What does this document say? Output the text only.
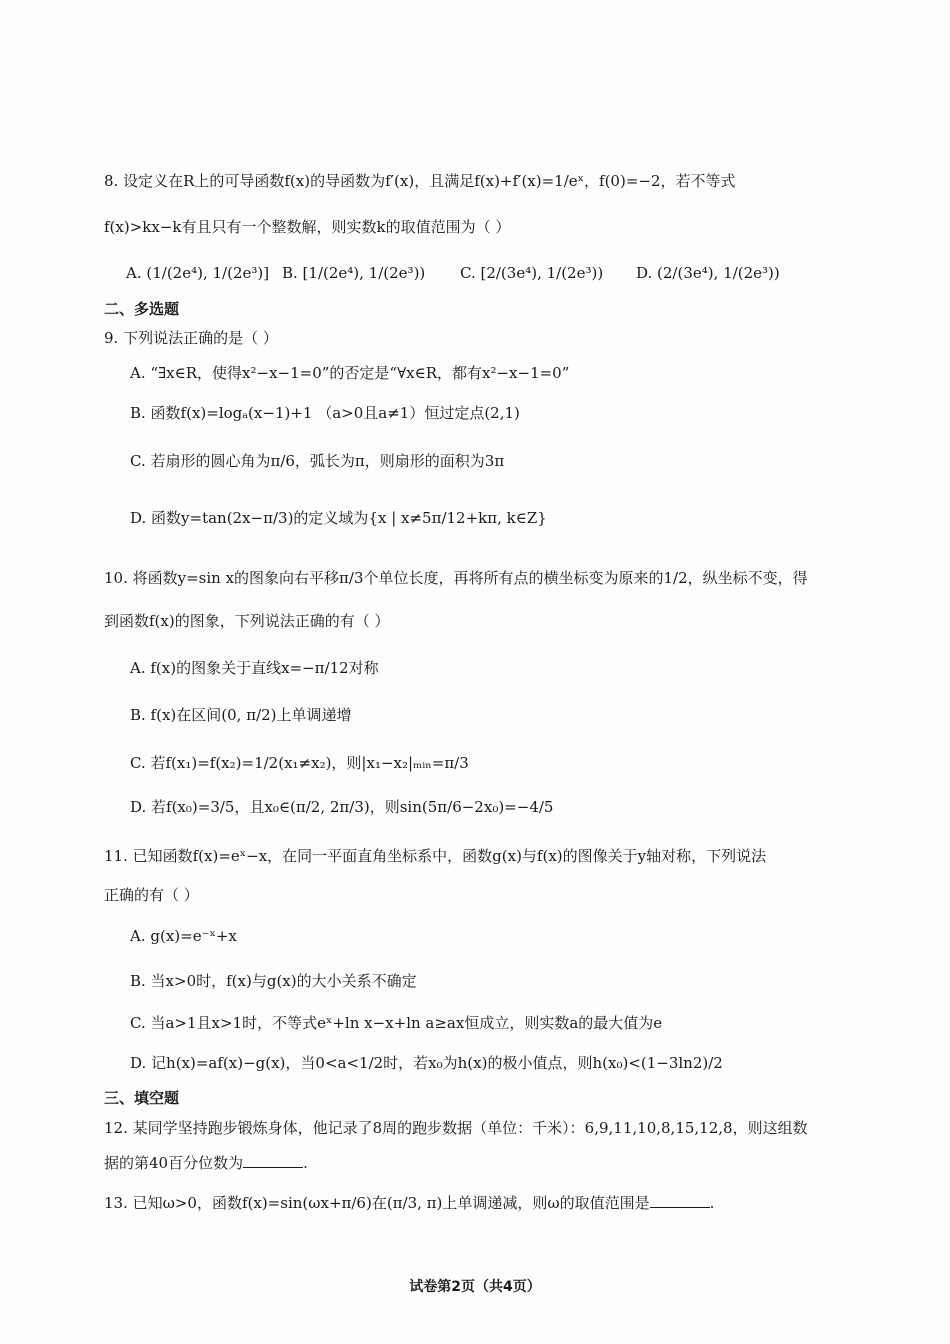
8. 设定义在R上的可导函数f(x)的导函数为f′(x)，且满足f(x)+f′(x)=1/eˣ，f(0)=−2，若不等式
f(x)>kx−k有且只有一个整数解，则实数k的取值范围为（ ）
A. (1/(2e⁴), 1/(2e³)] B. [1/(2e⁴), 1/(2e³)) C. [2/(3e⁴), 1/(2e³)) D. (2/(3e⁴), 1/(2e³))
二、多选题
9. 下列说法正确的是（ ）
A. “∃x∈R，使得x²−x−1=0”的否定是“∀x∈R，都有x²−x−1=0”
B. 函数f(x)=logₐ(x−1)+1 （a>0且a≠1）恒过定点(2,1)
C. 若扇形的圆心角为π/6，弧长为π，则扇形的面积为3π
D. 函数y=tan(2x−π/3)的定义域为{x | x≠5π/12+kπ, k∈Z}
10. 将函数y=sin x的图象向右平移π/3个单位长度，再将所有点的横坐标变为原来的1/2，纵坐标不变，得
到函数f(x)的图象，下列说法正确的有（ ）
A. f(x)的图象关于直线x=−π/12对称
B. f(x)在区间(0, π/2)上单调递增
C. 若f(x₁)=f(x₂)=1/2(x₁≠x₂)，则|x₁−x₂|ₘᵢₙ=π/3
D. 若f(x₀)=3/5，且x₀∈(π/2, 2π/3)，则sin(5π/6−2x₀)=−4/5
11. 已知函数f(x)=eˣ−x，在同一平面直角坐标系中，函数g(x)与f(x)的图像关于y轴对称，下列说法
正确的有（ ）
A. g(x)=e⁻ˣ+x
B. 当x>0时，f(x)与g(x)的大小关系不确定
C. 当a>1且x>1时，不等式eˣ+ln x−x+ln a≥ax恒成立，则实数a的最大值为e
D. 记h(x)=af(x)−g(x)，当0<a<1/2时，若x₀为h(x)的极小值点，则h(x₀)<(1−3ln2)/2
三、填空题
12. 某同学坚持跑步锻炼身体，他记录了8周的跑步数据（单位：千米）：6,9,11,10,8,15,12,8，则这组数
据的第40百分位数为	.
13. 已知ω>0，函数f(x)=sin(ωx+π/6)在(π/3, π)上单调递减，则ω的取值范围是	.
试卷第2页（共4页）
